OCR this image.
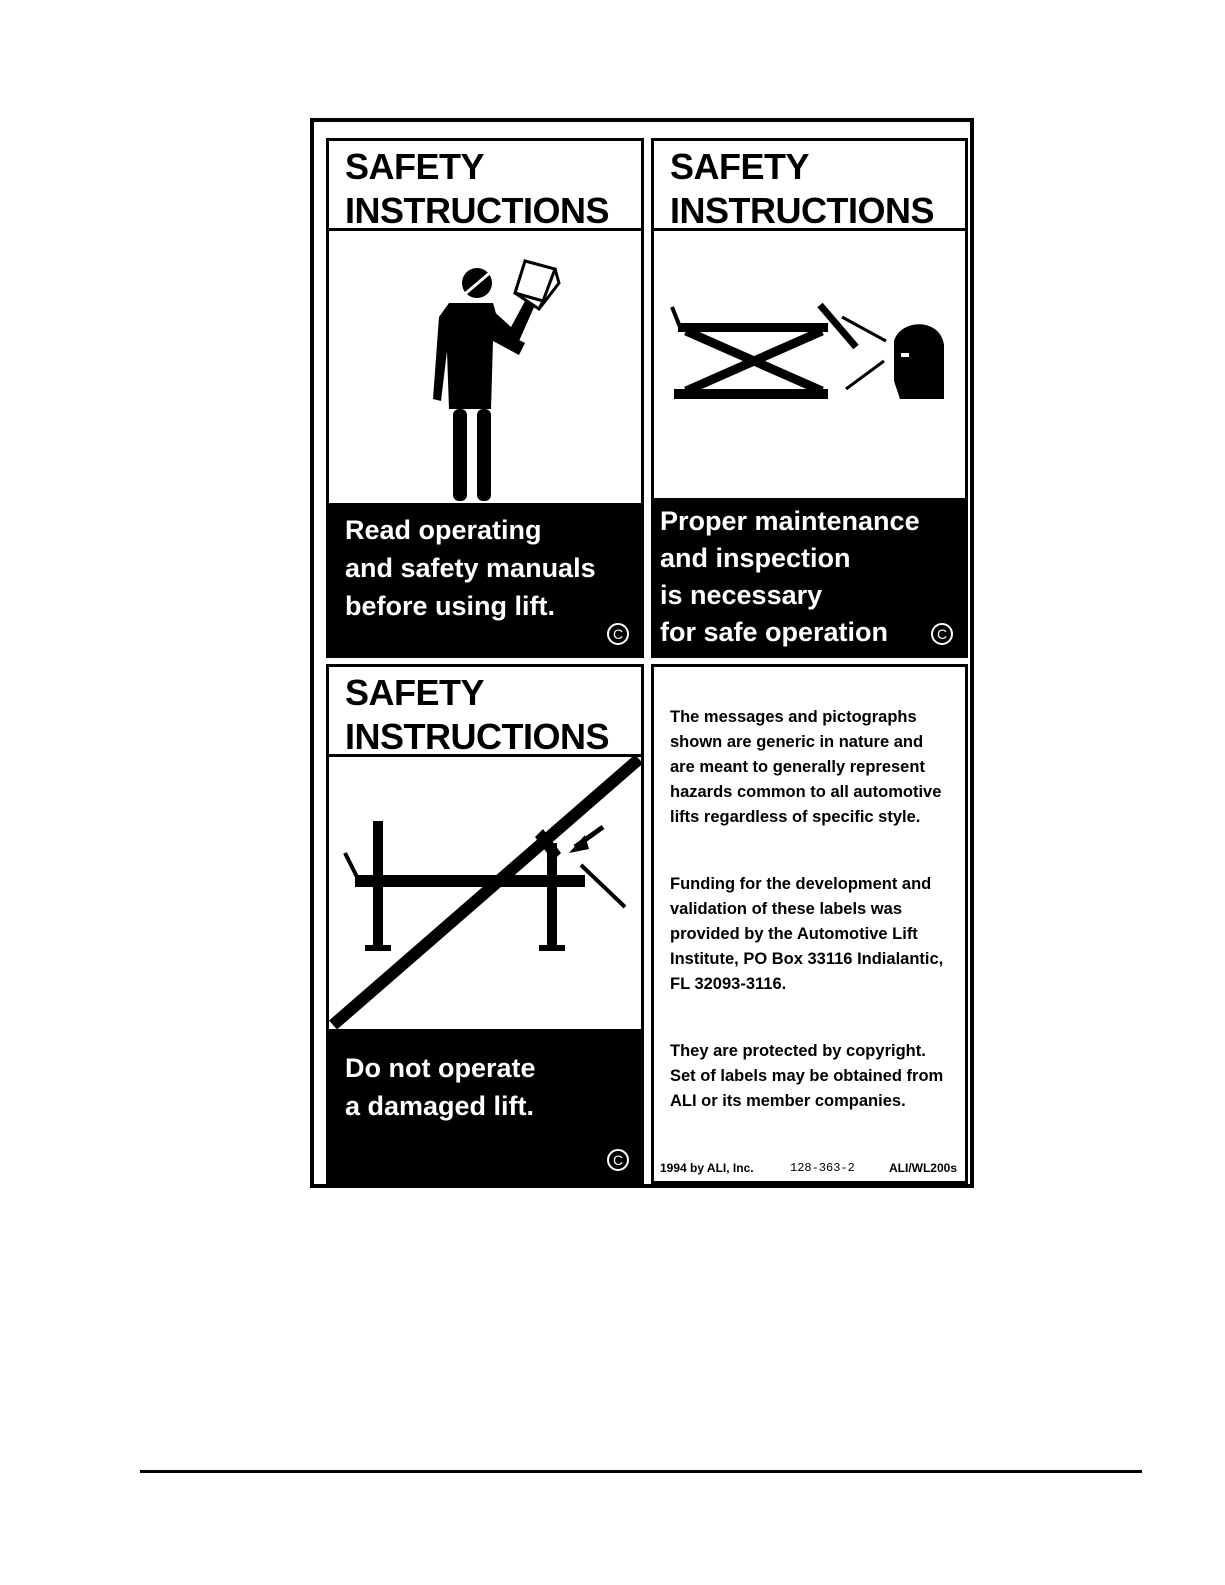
SAFETY
INSTRUCTIONS
Read operating
and safety manuals
before using lift.
C
SAFETY
INSTRUCTIONS
Proper maintenance
and inspection
is necessary
for safe operation	C
SAFETY
INSTRUCTIONS
Do not operate
a damaged lift.
C
The messages and pictographs
shown are generic in nature and
are meant to generally represent
hazards common to all automotive
lifts regardless of specific style.
Funding for the development and
validation of these labels was
provided by the Automotive Lift
Institute, PO Box 33116 Indialantic,
FL 32093-3116.
They are protected by copyright.
Set of labels may be obtained from
ALI or its member companies.
1994 by ALI, Inc.	128-363-2	ALI/WL200s
